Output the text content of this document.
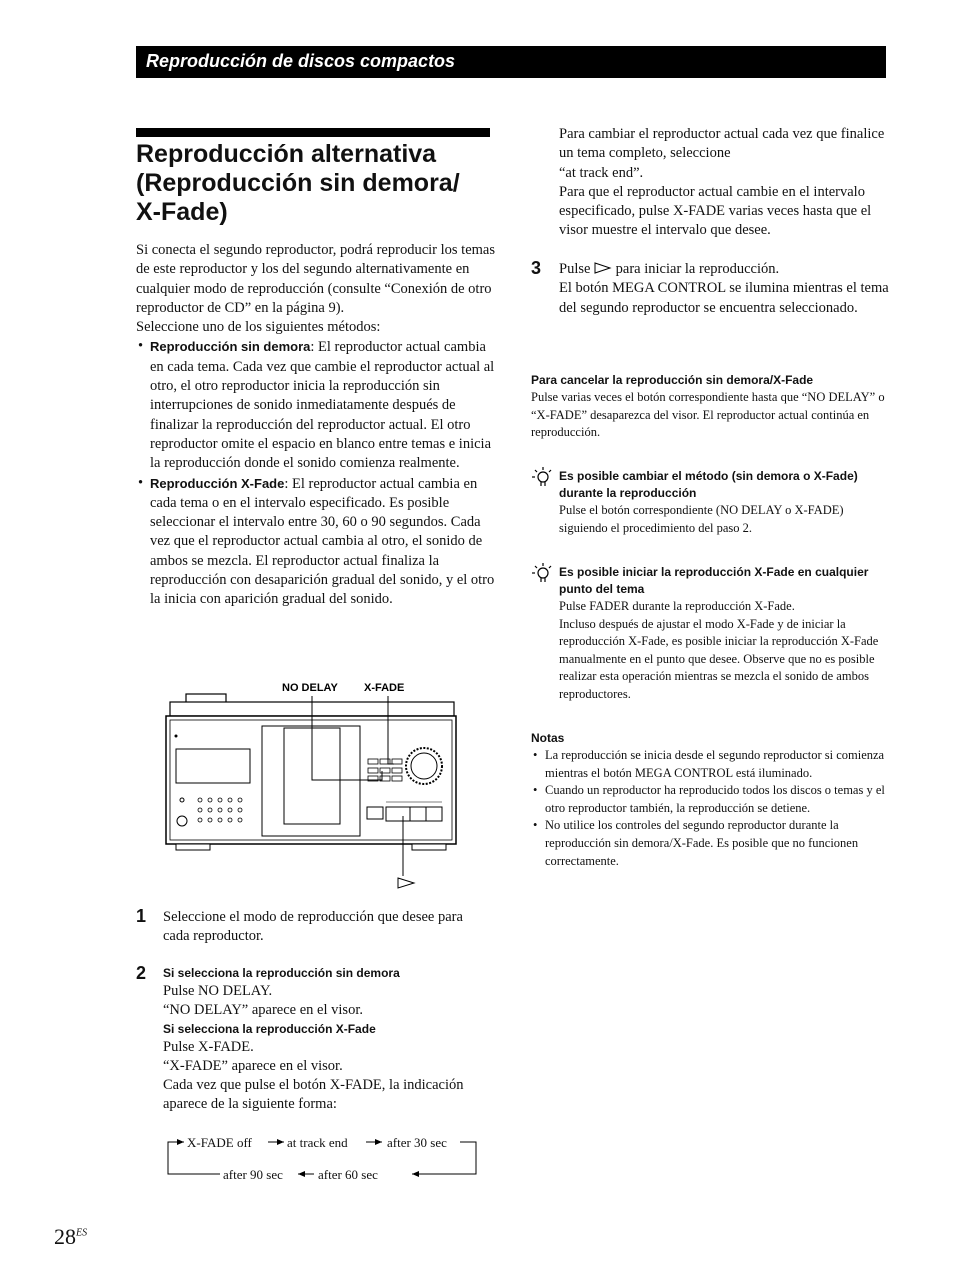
Reproducción de discos compactos
Reproducción alternativa
(Reproducción sin demora/
X-Fade)

Si conecta el segundo reproductor, podrá reproducir los temas de este reproductor y los del segundo alternativamente en cualquier modo de reproducción (consulte “Conexión de otro reproductor de CD” en la página 9).

Seleccione uno de los siguientes métodos:

• Reproducción sin demora: El reproductor actual cambia en cada tema. Cada vez que cambie el reproductor actual al otro, el otro reproductor inicia la reproducción sin interrupciones de sonido inmediatamente después de finalizar la reproducción del reproductor actual. El otro reproductor omite el espacio en blanco entre temas e inicia la reproducción donde el sonido comienza realmente.
• Reproducción X-Fade: El reproductor actual cambia en cada tema o en el intervalo especificado. Es posible seleccionar el intervalo entre 30, 60 o 90 segundos. Cada vez que el reproductor actual cambia al otro, el sonido de ambos se mezcla. El reproductor actual finaliza la reproducción con desaparición gradual del sonido, y el otro la inicia con aparición gradual del sonido.
NO DELAY X-FADE
1 Seleccione el modo de reproducción que desee para cada reproductor.
2 Si selecciona la reproducción sin demora
Pulse NO DELAY.
“NO DELAY” aparece en el visor.
Si selecciona la reproducción X-Fade
Pulse X-FADE.
“X-FADE” aparece en el visor.
Cada vez que pulse el botón X-FADE, la indicación aparece de la siguiente forma:
X-FADE off	at track end	after 30 sec
after 90 sec	after 60 sec
$28^{ES}$

Para cambiar el reproductor actual cada vez que finalice un tema completo, seleccione
“at track end”.

Para que el reproductor actual cambie en el intervalo especificado, pulse X-FADE varias veces hasta que el visor muestre el intervalo que desee.

3 Pulse para iniciar la reproducción.
El botón MEGA CONTROL se ilumina mientras el tema del segundo reproductor se encuentra seleccionado.
Para cancelar la reproducción sin demora/X-Fade
Pulse varias veces el botón correspondiente hasta que “NO DELAY” o “X-FADE” desaparezca del visor. El reproductor actual continúa en reproducción.
Es posible cambiar el método (sin demora o X-Fade) durante la reproducción
Pulse el botón correspondiente (NO DELAY o X-FADE) siguiendo el procedimiento del paso 2.
Es posible iniciar la reproducción X-Fade en cualquier punto del tema
Pulse FADER durante la reproducción X-Fade.
Incluso después de ajustar el modo X-Fade y de iniciar la reproducción X-Fade, es posible iniciar la reproducción X-Fade manualmente en el punto que desee. Observe que no es posible realizar esta operación mientras se mezcla el sonido de ambos reproductores.
Notas
• La reproducción se inicia desde el segundo reproductor si comienza mientras el botón MEGA CONTROL está iluminado.
• Cuando un reproductor ha reproducido todos los discos o temas y el otro reproductor también, la reproducción se detiene.
• No utilice los controles del segundo reproductor durante la reproducción sin demora/X-Fade. Es posible que no funcionen correctamente.
